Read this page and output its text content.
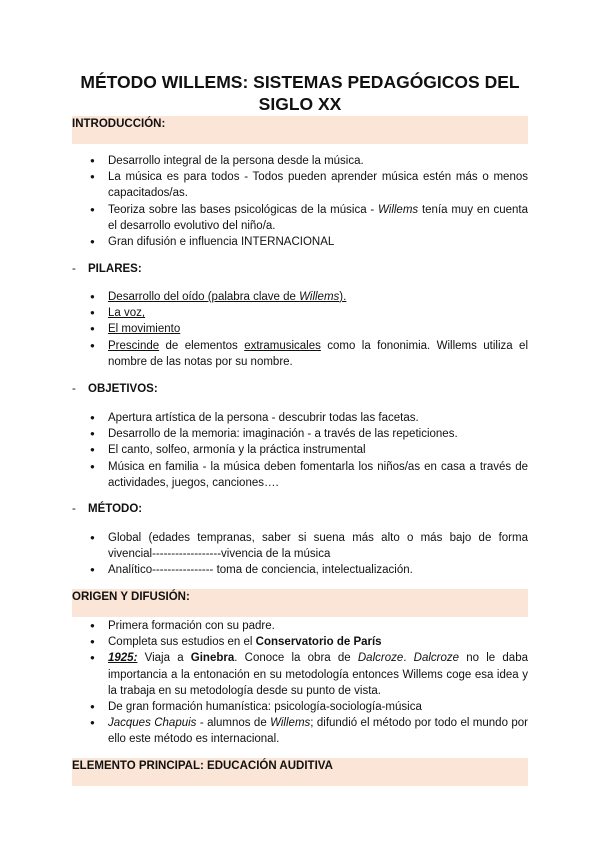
MÉTODO WILLEMS: SISTEMAS PEDAGÓGICOS DEL
SIGLO XX
INTRODUCCIÓN:
● Desarrollo integral de la persona desde la música.
● La música es para todos - Todos pueden aprender música estén más o menos capacitados/as.
● Teoriza sobre las bases psicológicas de la música - Willems tenía muy en cuenta el desarrollo evolutivo del niño/a.
● Gran difusión e influencia INTERNACIONAL
- PILARES:
● Desarrollo del oído (palabra clave de Willems).
● La voz,
● El movimiento
● Prescinde de elementos extramusicales como la fononimia. Willems utiliza el nombre de las notas por su nombre.
- OBJETIVOS:
● Apertura artística de la persona - descubrir todas las facetas.
● Desarrollo de la memoria: imaginación - a través de las repeticiones.
● El canto, solfeo, armonía y la práctica instrumental
● Música en familia - la música deben fomentarla los niños/as en casa a través de actividades, juegos, canciones….
- MÉTODO:
● Global (edades tempranas, saber si suena más alto o más bajo de forma vivencial------------------vivencia de la música
● Analítico---------------- toma de conciencia, intelectualización.
ORIGEN Y DIFUSIÓN:
● Primera formación con su padre.
● Completa sus estudios en el Conservatorio de París
● 1925: Viaja a Ginebra. Conoce la obra de Dalcroze. Dalcroze no le daba importancia a la entonación en su metodología entonces Willems coge esa idea y la trabaja en su metodología desde su punto de vista.
● De gran formación humanística: psicología-sociología-música
● Jacques Chapuis - alumnos de Willems; difundió el método por todo el mundo por ello este método es internacional.
ELEMENTO PRINCIPAL: EDUCACIÓN AUDITIVA
